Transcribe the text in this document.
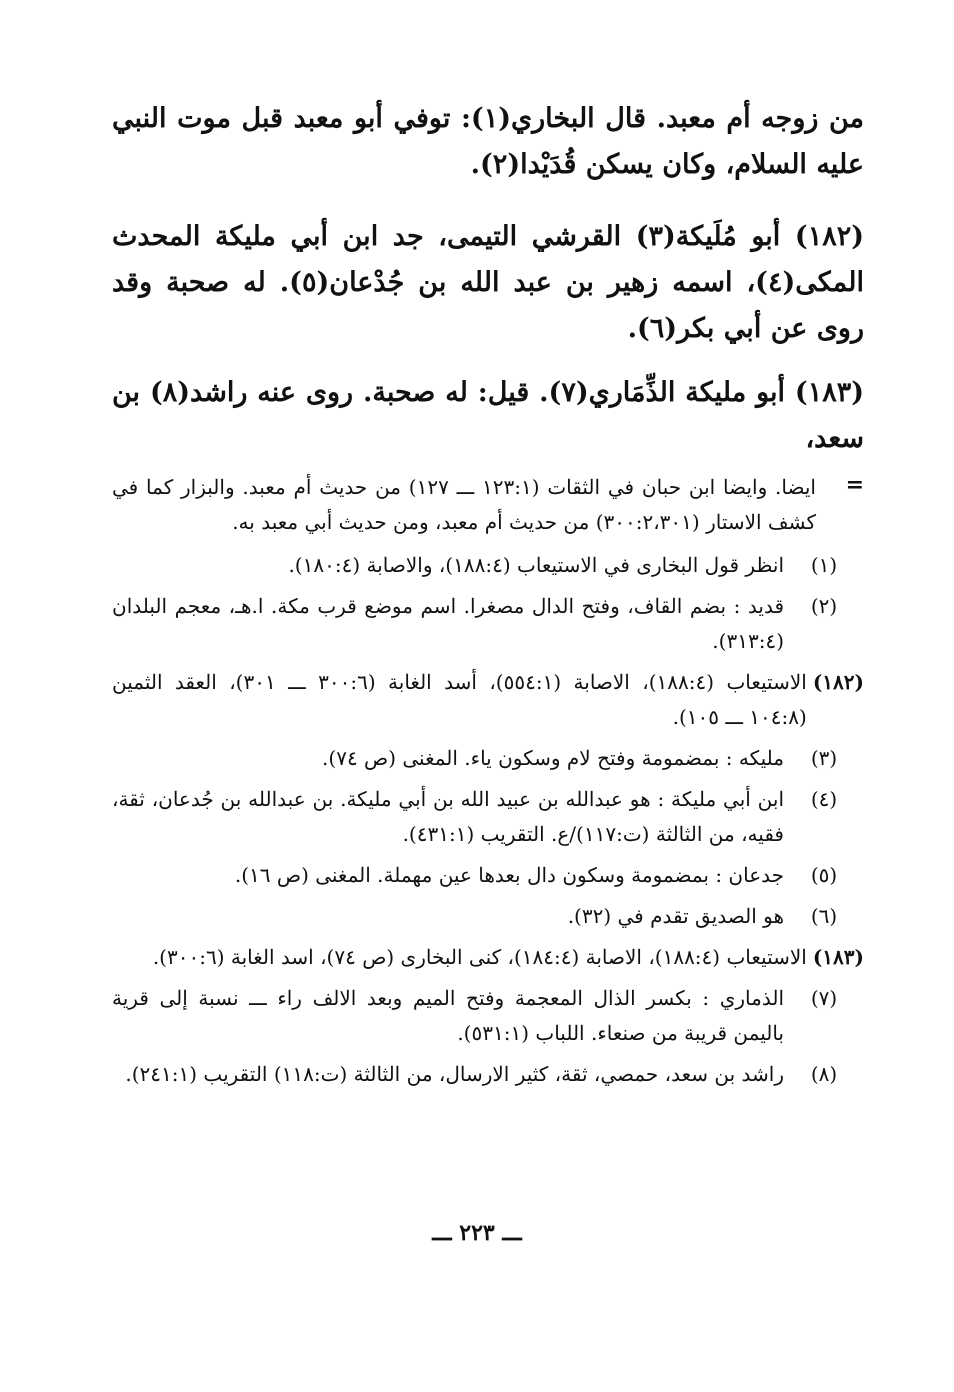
من زوجه أم معبد. قال البخاري(١): توفي أبو معبد قبل موت النبي عليه السلام، وكان يسكن قُدَيْدا(٢).

(١٨٢) أبو مُلَيكة(٣) القرشي التيمى، جد ابن أبي مليكة المحدث المكى(٤)، اسمه زهير بن عبد الله بن جُدْعان(٥). له صحبة وقد روى عن أبي بكر(٦).

(١٨٣) أبو مليكة الذِّمَاري(٧). قيل: له صحبة. روى عنه راشد(٨) بن سعد،

=
ايضا. وايضا ابن حبان في الثقات (١٢٣:١ ـــ ١٢٧) من حديث أم معبد. والبزار كما في كشف الاستار (٣٠٠:٢،٣٠١) من حديث أم معبد، ومن حديث أبي معبد به.
(١)
انظر قول البخارى في الاستيعاب (١٨٨:٤)، والاصابة (١٨٠:٤).
(٢)
قديد : بضم القاف، وفتح الدال مصغرا. اسم موضع قرب مكة. ا.هـ، معجم البلدان (٣١٣:٤).
(١٨٢)
الاستيعاب (١٨٨:٤)، الاصابة (٥٥٤:١)، أسد الغابة (٣٠٠:٦ ـــ ٣٠١)، العقد الثمين (١٠٤:٨ ـــ ١٠٥).
(٣)
مليكه : بمضمومة وفتح لام وسكون ياء. المغنى (ص ٧٤).
(٤)
ابن أبي مليكة : هو عبدالله بن عبيد الله بن أبي مليكة. بن عبدالله بن جُدعان، ثقة، فقيه، من الثالثة (ت:١١٧)/ع. التقريب (٤٣١:١).
(٥)
جدعان : بمضمومة وسكون دال بعدها عين مهملة. المغنى (ص ١٦).
(٦)
هو الصديق تقدم في (٣٢).
(١٨٣)
الاستيعاب (١٨٨:٤)، الاصابة (١٨٤:٤)، كنى البخارى (ص ٧٤)، اسد الغابة (٣٠٠:٦).
(٧)
الذماري : بكسر الذال المعجمة وفتح الميم وبعد الالف راء ـــ نسبة إلى قرية باليمن قريبة من صنعاء. اللباب (٥٣١:١).
(٨)
راشد بن سعد، حمصي، ثقة، كثير الارسال، من الثالثة (ت:١١٨) التقريب (٢٤١:١).
ـــ ٢٢٣ ـــ
